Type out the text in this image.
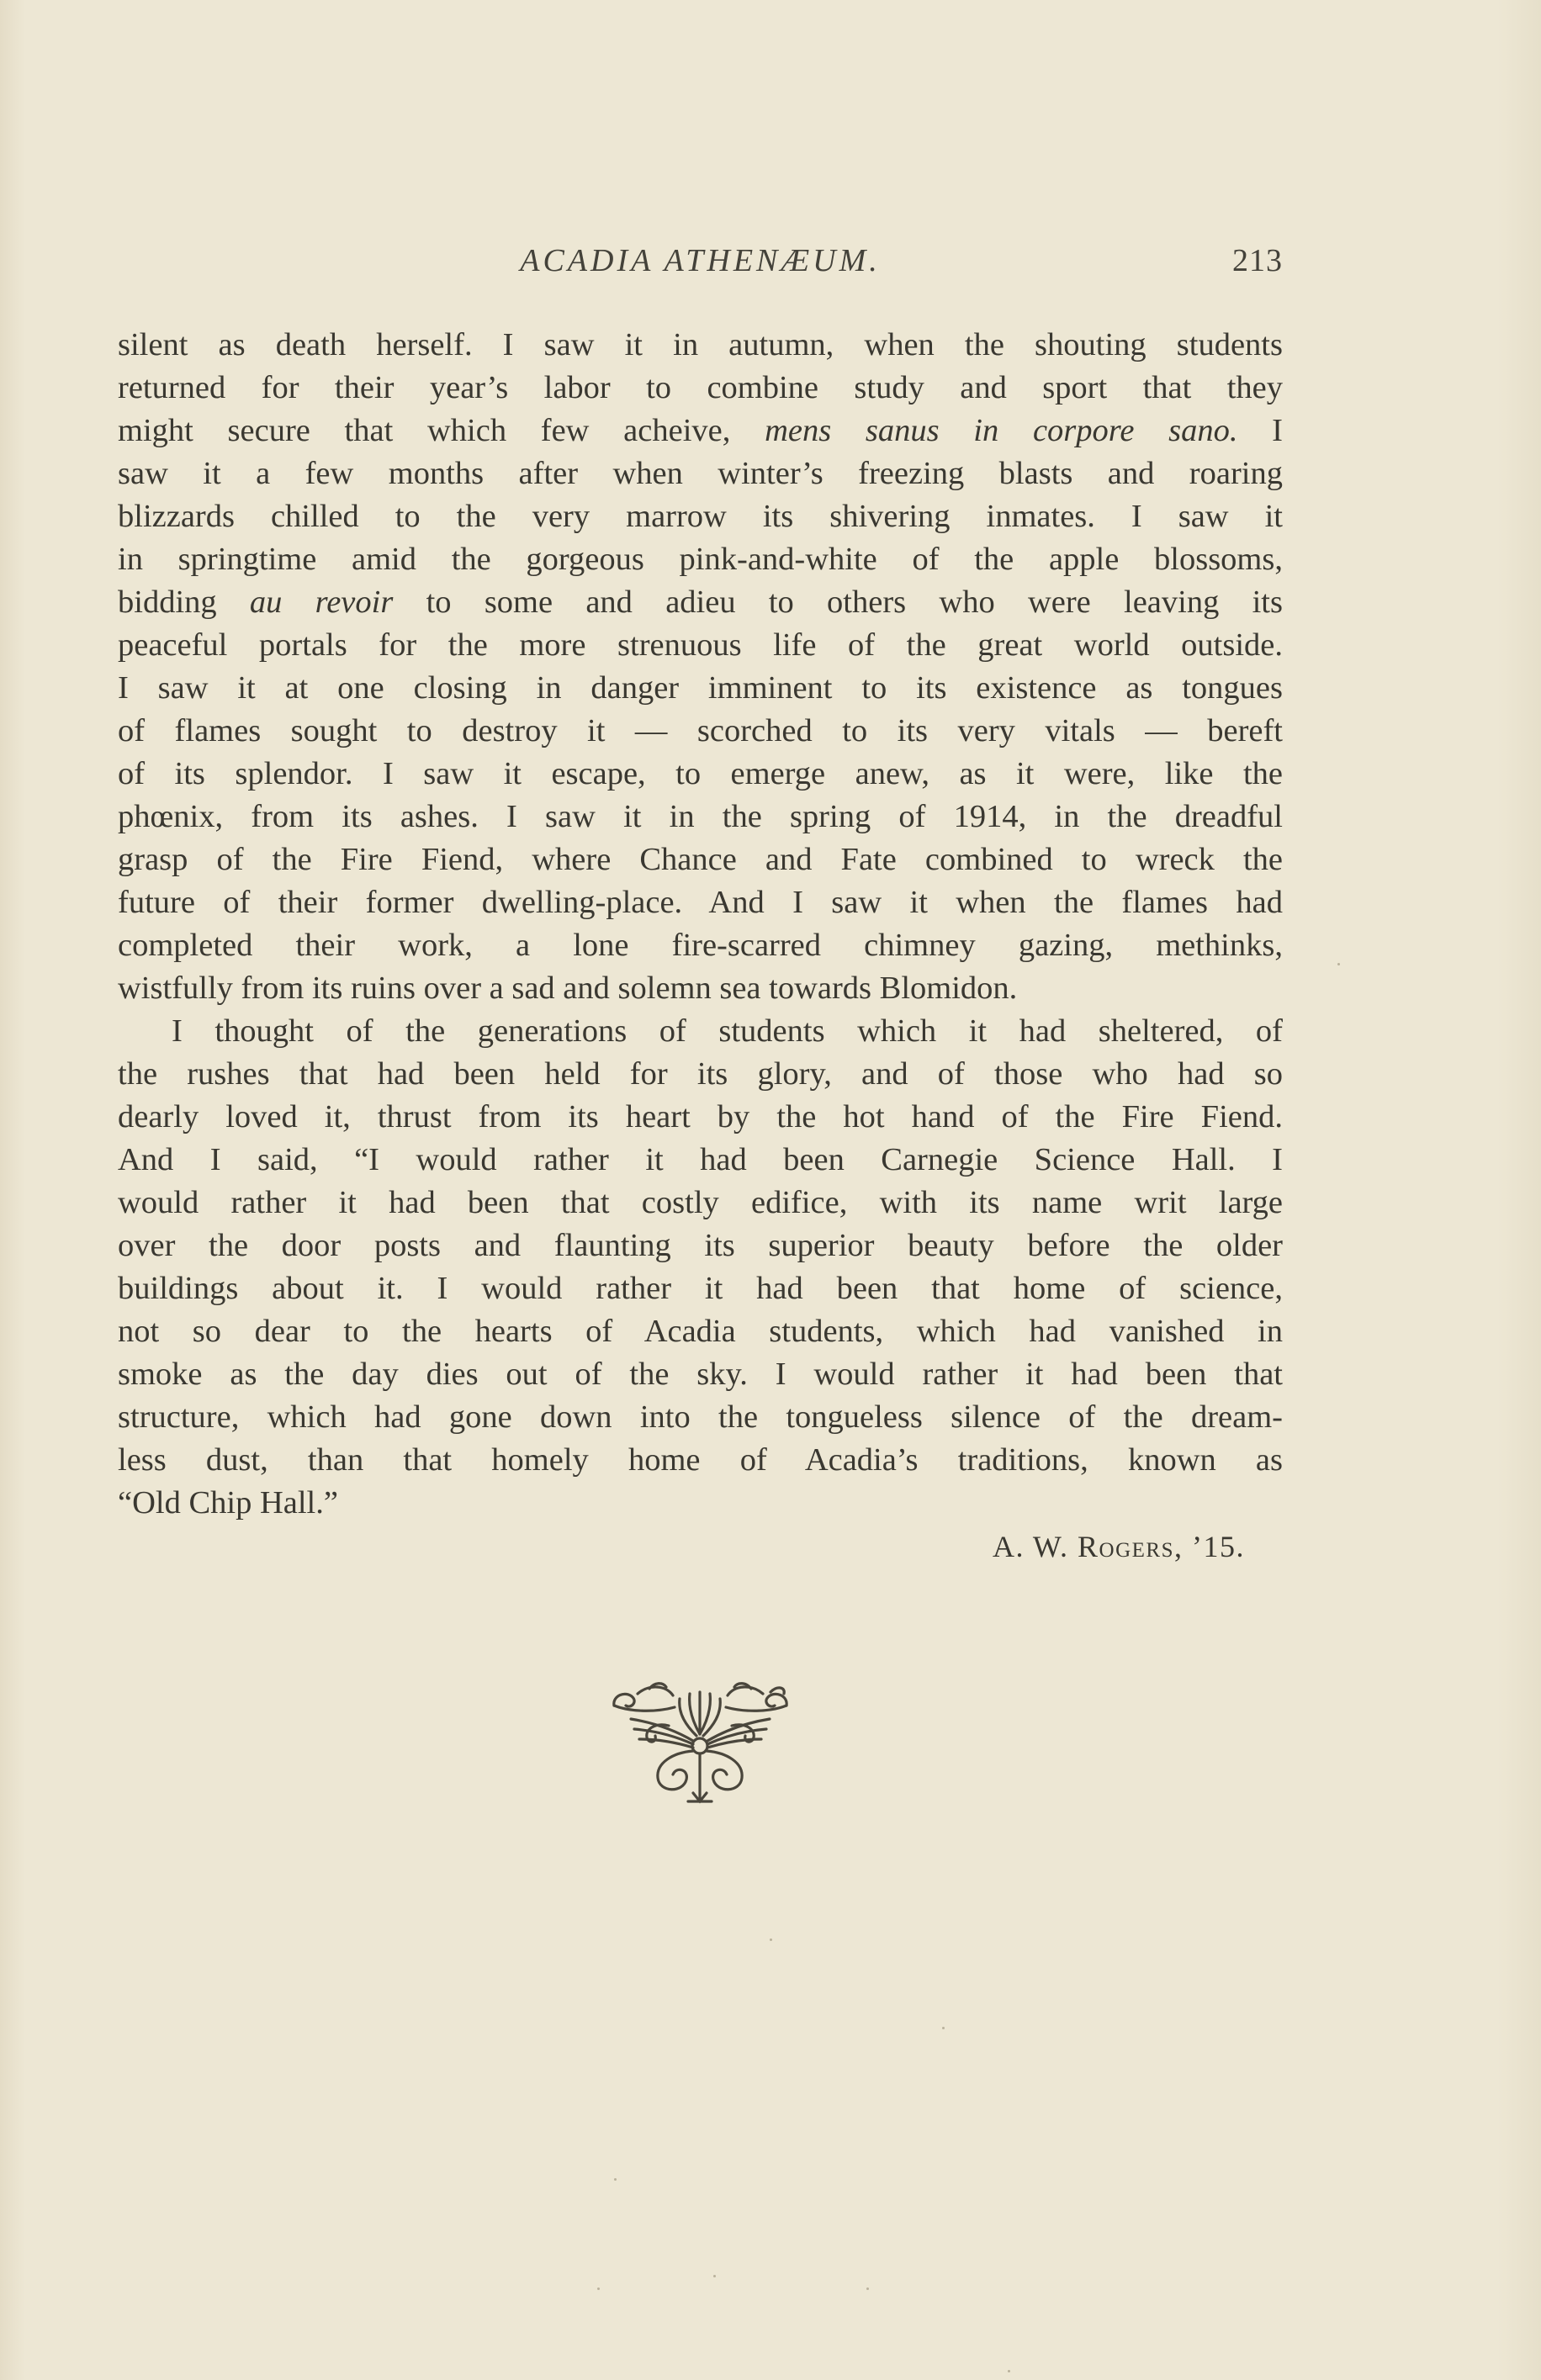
ACADIA ATHENÆUM.	213
silent as death herself. I saw it in autumn, when the shouting students
returned for their year’s labor to combine study and sport that they
might secure that which few acheive, mens sanus in corpore sano. I
saw it a few months after when winter’s freezing blasts and roaring
blizzards chilled to the very marrow its shivering inmates. I saw it
in springtime amid the gorgeous pink-and-white of the apple blossoms,
bidding au revoir to some and adieu to others who were leaving its
peaceful portals for the more strenuous life of the great world outside.
I saw it at one closing in danger imminent to its existence as tongues
of flames sought to destroy it — scorched to its very vitals — bereft
of its splendor. I saw it escape, to emerge anew, as it were, like the
phœnix, from its ashes. I saw it in the spring of 1914, in the dreadful
grasp of the Fire Fiend, where Chance and Fate combined to wreck the
future of their former dwelling-place. And I saw it when the flames had
completed their work, a lone fire-scarred chimney gazing, methinks,
wistfully from its ruins over a sad and solemn sea towards Blomidon.
I thought of the generations of students which it had sheltered, of
the rushes that had been held for its glory, and of those who had so
dearly loved it, thrust from its heart by the hot hand of the Fire Fiend.
And I said, “I would rather it had been Carnegie Science Hall. I
would rather it had been that costly edifice, with its name writ large
over the door posts and flaunting its superior beauty before the older
buildings about it. I would rather it had been that home of science,
not so dear to the hearts of Acadia students, which had vanished in
smoke as the day dies out of the sky. I would rather it had been that
structure, which had gone down into the tongueless silence of the dream-
less dust, than that homely home of Acadia’s traditions, known as
“Old Chip Hall.”
A. W. Rogers, ’15.
